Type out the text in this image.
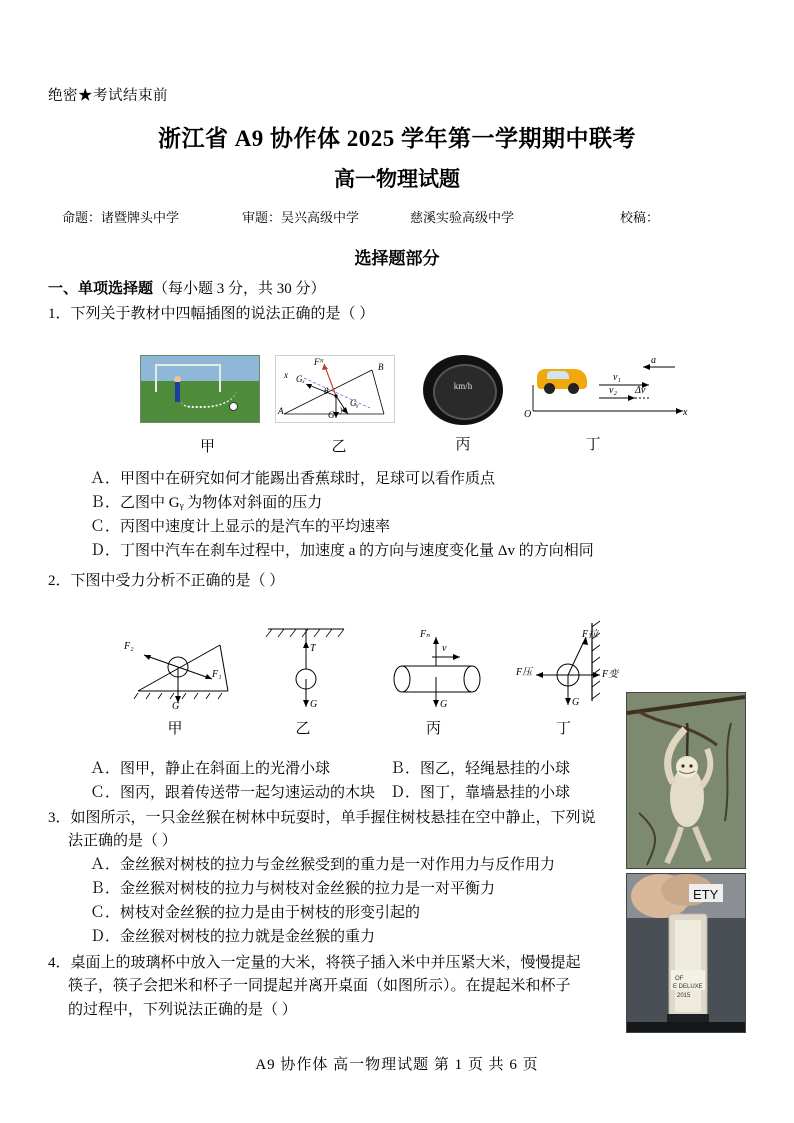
绝密★考试结束前
浙江省 A9 协作体 2025 学年第一学期期中联考
高一物理试题
命题：诸暨牌头中学	审题：吴兴高级中学	慈溪实验高级中学	校稿：
选择题部分
一、单项选择题（每小题 3 分，共 30 分）
1．下列关于教材中四幅插图的说法正确的是（ ）
甲
Fᴺ
Gₓ
Gᵧ
G
θ
A
B
x
y
乙
km/h
丙
a
v₁
v₂ Δv
O	x
丁
Ａ．甲图中在研究如何才能踢出香蕉球时，足球可以看作质点
Ｂ．乙图中 Gᵧ 为物体对斜面的压力
Ｃ．丙图中速度计上显示的是汽车的平均速率
Ｄ．丁图中汽车在刹车过程中，加速度 a 的方向与速度变化量 Δv 的方向相同
2．下图中受力分析不正确的是（ ）
F₂
F₁
G
甲
T
G
乙
Fₙ
v
G
丙
F拉
F压	F变
G
丁
Ａ．图甲，静止在斜面上的光滑小球	Ｂ．图乙，轻绳悬挂的小球
Ｃ．图丙，跟着传送带一起匀速运动的木块 Ｄ．图丁，靠墙悬挂的小球
3．如图所示，一只金丝猴在树林中玩耍时，单手握住树枝悬挂在空中静止，下列说
法正确的是（ ）
Ａ．金丝猴对树枝的拉力与金丝猴受到的重力是一对作用力与反作用力
Ｂ．金丝猴对树枝的拉力与树枝对金丝猴的拉力是一对平衡力
Ｃ．树枝对金丝猴的拉力是由于树枝的形变引起的
Ｄ．金丝猴对树枝的拉力就是金丝猴的重力
4．桌面上的玻璃杯中放入一定量的大米，将筷子插入米中并压紧大米，慢慢提起
筷子，筷子会把米和杯子一同提起并离开桌面（如图所示）。在提起米和杯子
的过程中，下列说法正确的是（ ）
ETY
OF
E DELUXE
2015
A9 协作体 高一物理试题 第 1 页 共 6 页
